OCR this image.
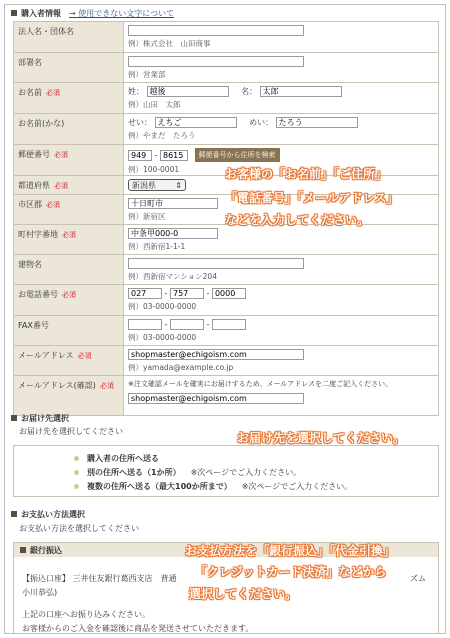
購入者情報 → 使用できない文字について
法人名・団体名
例）株式会社　山田商事
部署名
例）営業部
お名前 必須	姓： 越後	名： 太郎
例）山田　太郎
お名前(かな)	せい： えちご	めい： たろう
例）やまだ　たろう
郵便番号 必須	949 - 8615 郵便番号から住所を検索
例）100-0001
都道府県 必須	新潟県 ⇕
市区郡 必須	十日町市
例）新宿区
町村字番地 必須	中条甲000-0
例）西新宿1-1-1
建物名
例）西新宿マンション204
お電話番号 必須	027 - 757 - 0000
例）03-0000-0000
FAX番号	-	-
例）03-0000-0000
メールアドレス 必須	shopmaster@echigoism.com
例）yamada@example.co.jp
メールアドレス(確認) 必須	※注文確認メールを確実にお届けするため、メールアドレスを二度ご記入ください。
shopmaster@echigoism.com
お客様の「お名前」「ご住所」
「電話番号」「メールアドレス」
などを入力してください。
お届け先選択
お届け先を選択してください
購入者の住所へ送る
別の住所へ送る（1か所） ※次ページでご入力ください。
複数の住所へ送る（最大100か所まで） ※次ページでご入力ください。
お届け先を選択してください。
お支払い方法選択
お支払い方法を選択してください
銀行振込
【振込口座】 三井住友銀行葛西支店　普通	ズム
小川恭弘)
上記の口座へお振り込みください。
お客様からのご入金を確認後に商品を発送させていただきます。
お支払方法を「銀行振込」「代金引換」
「クレジットカード決済」などから
選択してください。
